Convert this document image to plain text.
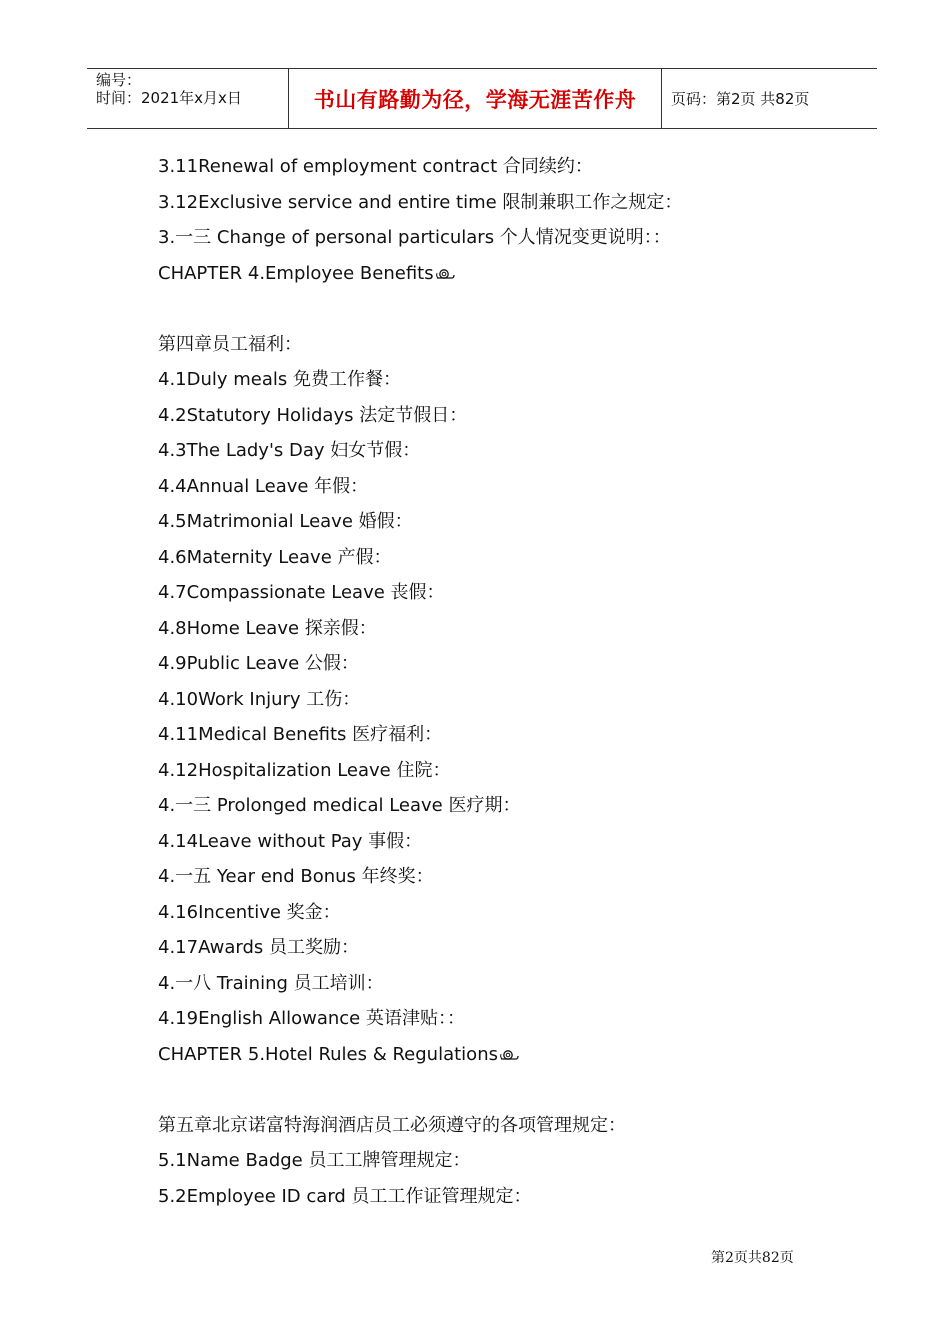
编号：
时间：2021年x月x日	书山有路勤为径，学海无涯苦作舟 页码：第2页 共82页
3.11Renewal of employment contract 合同续约：
3.12Exclusive service and entire time 限制兼职工作之规定：
3.一三 Change of personal particulars 个人情况变更说明：：
CHAPTER 4.Employee Benefits
第四章员工福利：
4.1Duly meals 免费工作餐：
4.2Statutory Holidays 法定节假日：
4.3The Lady's Day 妇女节假：
4.4Annual Leave 年假：
4.5Matrimonial Leave 婚假：
4.6Maternity Leave 产假：
4.7Compassionate Leave 丧假：
4.8Home Leave 探亲假：
4.9Public Leave 公假：
4.10Work Injury 工伤：
4.11Medical Benefits 医疗福利：
4.12Hospitalization Leave 住院：
4.一三 Prolonged medical Leave 医疗期：
4.14Leave without Pay 事假：
4.一五 Year end Bonus 年终奖：
4.16Incentive 奖金：
4.17Awards 员工奖励：
4.一八 Training 员工培训：
4.19English Allowance 英语津贴：：
CHAPTER 5.Hotel Rules & Regulations
第五章北京诺富特海润酒店员工必须遵守的各项管理规定：
5.1Name Badge 员工工牌管理规定：
5.2Employee ID card 员工工作证管理规定：
第2页共82页
